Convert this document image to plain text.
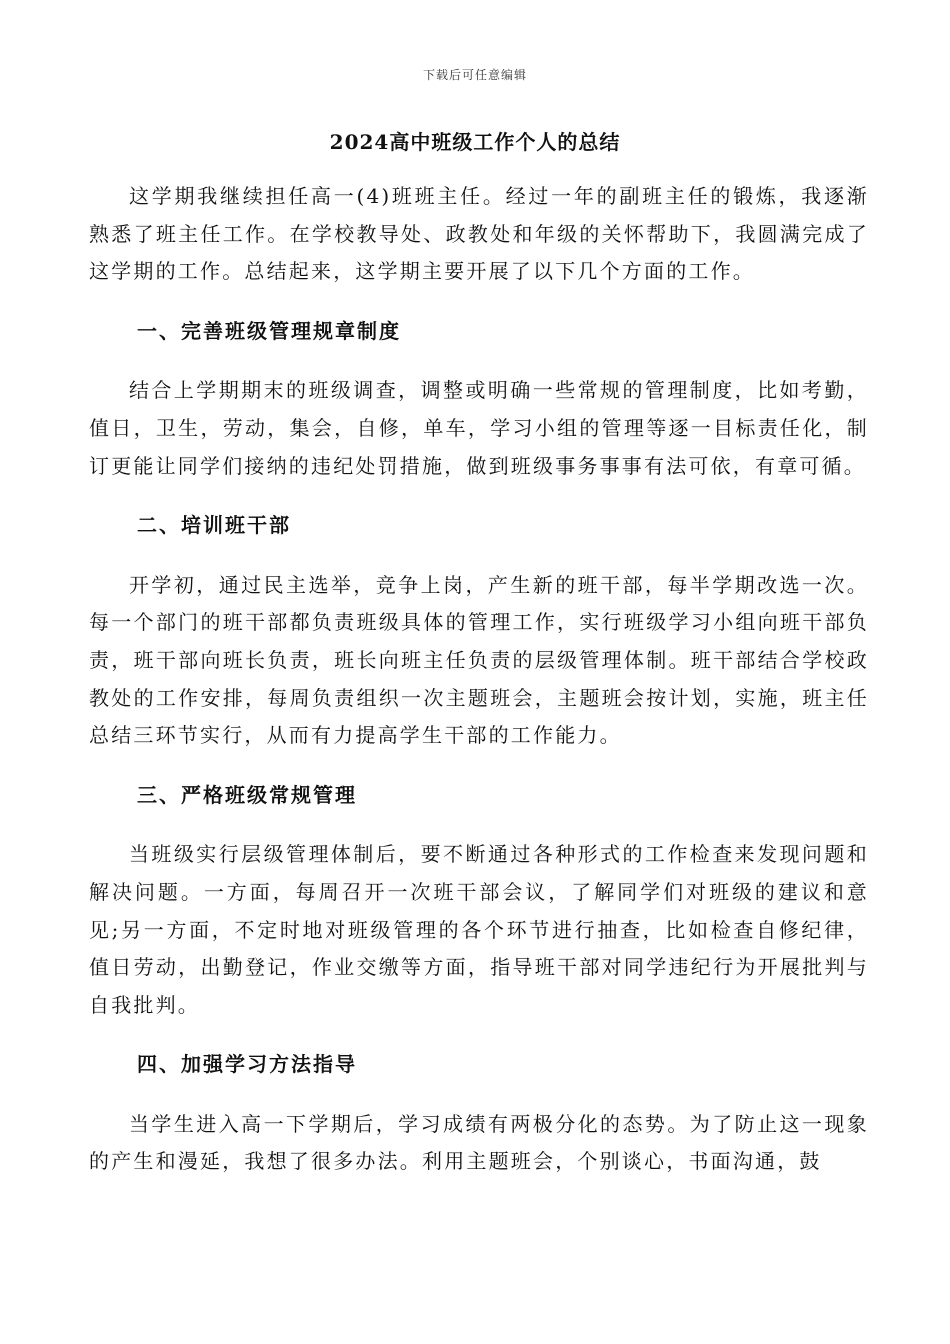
下载后可任意编辑
2024高中班级工作个人的总结

这学期我继续担任高一(4)班班主任。经过一年的副班主任的锻炼，我逐渐熟悉了班主任工作。在学校教导处、政教处和年级的关怀帮助下，我圆满完成了这学期的工作。总结起来，这学期主要开展了以下几个方面的工作。

一、完善班级管理规章制度

结合上学期期末的班级调查，调整或明确一些常规的管理制度，比如考勤，值日，卫生，劳动，集会，自修，单车，学习小组的管理等逐一目标责任化，制订更能让同学们接纳的违纪处罚措施，做到班级事务事事有法可依，有章可循。

二、培训班干部

开学初，通过民主选举，竞争上岗，产生新的班干部，每半学期改选一次。每一个部门的班干部都负责班级具体的管理工作，实行班级学习小组向班干部负责，班干部向班长负责，班长向班主任负责的层级管理体制。班干部结合学校政教处的工作安排，每周负责组织一次主题班会，主题班会按计划，实施，班主任总结三环节实行，从而有力提高学生干部的工作能力。

三、严格班级常规管理

当班级实行层级管理体制后，要不断通过各种形式的工作检查来发现问题和解决问题。一方面，每周召开一次班干部会议，了解同学们对班级的建议和意见;另一方面，不定时地对班级管理的各个环节进行抽查，比如检查自修纪律，值日劳动，出勤登记，作业交缴等方面，指导班干部对同学违纪行为开展批判与自我批判。

四、加强学习方法指导

当学生进入高一下学期后，学习成绩有两极分化的态势。为了防止这一现象的产生和漫延，我想了很多办法。利用主题班会，个别谈心，书面沟通，鼓
